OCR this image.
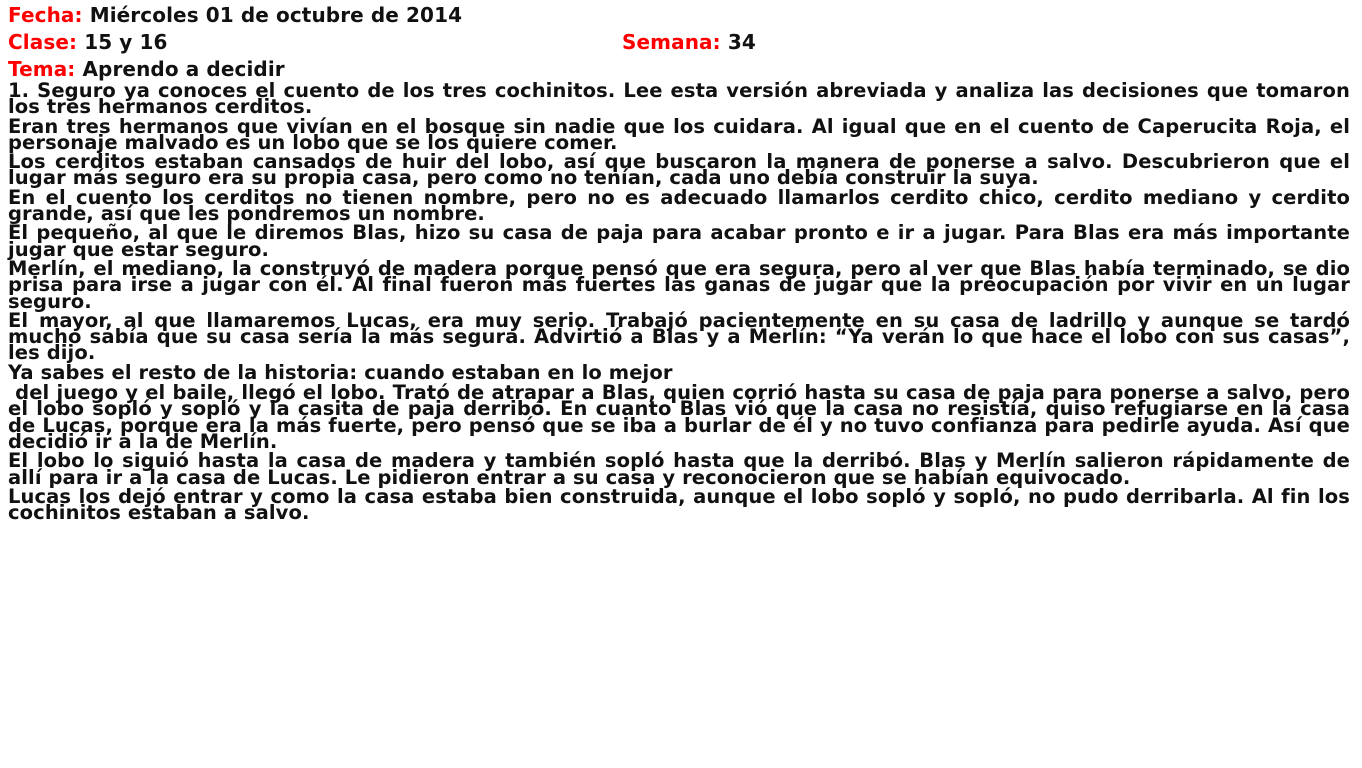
Fecha: Miércoles 01 de octubre de 2014
Clase: 15 y 16	Semana: 34
Tema: Aprendo a decidir

1. Seguro ya conoces el cuento de los tres cochinitos. Lee esta versión abreviada y analiza las decisiones que tomaron los tres hermanos cerditos.

Eran tres hermanos que vivían en el bosque sin nadie que los cuidara. Al igual que en el cuento de Caperucita Roja, el personaje malvado es un lobo que se los quiere comer.

Los cerditos estaban cansados de huir del lobo, así que buscaron la manera de ponerse a salvo. Descubrieron que el lugar más seguro era su propia casa, pero como no tenían, cada uno debía construir la suya.

En el cuento los cerditos no tienen nombre, pero no es adecuado llamarlos cerdito chico, cerdito mediano y cerdito grande, así que les pondremos un nombre.

El pequeño, al que le diremos Blas, hizo su casa de paja para acabar pronto e ir a jugar. Para Blas era más importante jugar que estar seguro.

Merlín, el mediano, la construyó de madera porque pensó que era segura, pero al ver que Blas había terminado, se dio prisa para irse a jugar con él. Al final fueron más fuertes las ganas de jugar que la preocupación por vivir en un lugar seguro.

El mayor, al que llamaremos Lucas, era muy serio. Trabajó pacientemente en su casa de ladrillo y aunque se tardó mucho sabía que su casa sería la más segura. Advirtió a Blas y a Merlín: “Ya verán lo que hace el lobo con sus casas”, les dijo.

Ya sabes el resto de la historia: cuando estaban en lo mejor

del juego y el baile, llegó el lobo. Trató de atrapar a Blas, quien corrió hasta su casa de paja para ponerse a salvo, pero el lobo sopló y sopló y la casita de paja derribó. En cuanto Blas vió que la casa no resistía, quiso refugiarse en la casa de Lucas, porque era la más fuerte, pero pensó que se iba a burlar de él y no tuvo confianza para pedirle ayuda. Así que decidió ir a la de Merlín.

El lobo lo siguió hasta la casa de madera y también sopló hasta que la derribó. Blas y Merlín salieron rápidamente de allí para ir a la casa de Lucas. Le pidieron entrar a su casa y reconocieron que se habían equivocado.

Lucas los dejó entrar y como la casa estaba bien construida, aunque el lobo sopló y sopló, no pudo derribarla. Al fin los cochinitos estaban a salvo.
